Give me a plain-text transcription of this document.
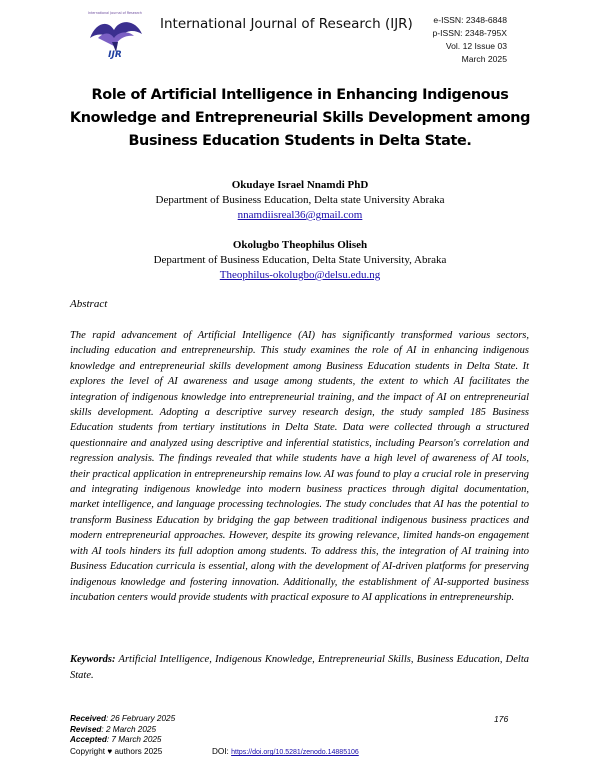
International Journal of Research
IJR
International Journal of Research (IJR) e-ISSN: 2348-6848
p-ISSN: 2348-795X
Vol. 12 Issue 03
March 2025
Role of Artificial Intelligence in Enhancing Indigenous Knowledge and Entrepreneurial Skills Development among Business Education Students in Delta State.
Okudaye Israel Nnamdi PhD
Department of Business Education, Delta state University Abraka
nnamdiisreal36@gmail.com
Okolugbo Theophilus Oliseh
Department of Business Education, Delta State University, Abraka
Theophilus-okolugbo@delsu.edu.ng
Abstract
The rapid advancement of Artificial Intelligence (AI) has significantly transformed various sectors, including education and entrepreneurship. This study examines the role of AI in enhancing indigenous knowledge and entrepreneurial skills development among Business Education students in Delta State. It explores the level of AI awareness and usage among students, the extent to which AI facilitates the integration of indigenous knowledge into entrepreneurial training, and the impact of AI on entrepreneurial skills development. Adopting a descriptive survey research design, the study sampled 185 Business Education students from tertiary institutions in Delta State. Data were collected through a structured questionnaire and analyzed using descriptive and inferential statistics, including Pearson's correlation and regression analysis. The findings revealed that while students have a high level of awareness of AI tools, their practical application in entrepreneurship remains low. AI was found to play a crucial role in preserving and integrating indigenous knowledge into modern business practices through digital documentation, market intelligence, and language processing technologies. The study concludes that AI has the potential to transform Business Education by bridging the gap between traditional indigenous business practices and modern entrepreneurial approaches. However, despite its growing relevance, limited hands-on engagement with AI tools hinders its full adoption among students. To address this, the integration of AI training into Business Education curricula is essential, along with the development of AI-driven platforms for preserving indigenous knowledge and fostering innovation. Additionally, the establishment of AI-supported business incubation centers would provide students with practical exposure to AI applications in entrepreneurship.
Keywords: Artificial Intelligence, Indigenous Knowledge, Entrepreneurial Skills, Business Education, Delta State.
Received: 26 February 2025
Revised: 2 March 2025
Accepted: 7 March 2025
176
Copyright ♥ authors 2025	DOI: https://doi.org/10.5281/zenodo.14885106
